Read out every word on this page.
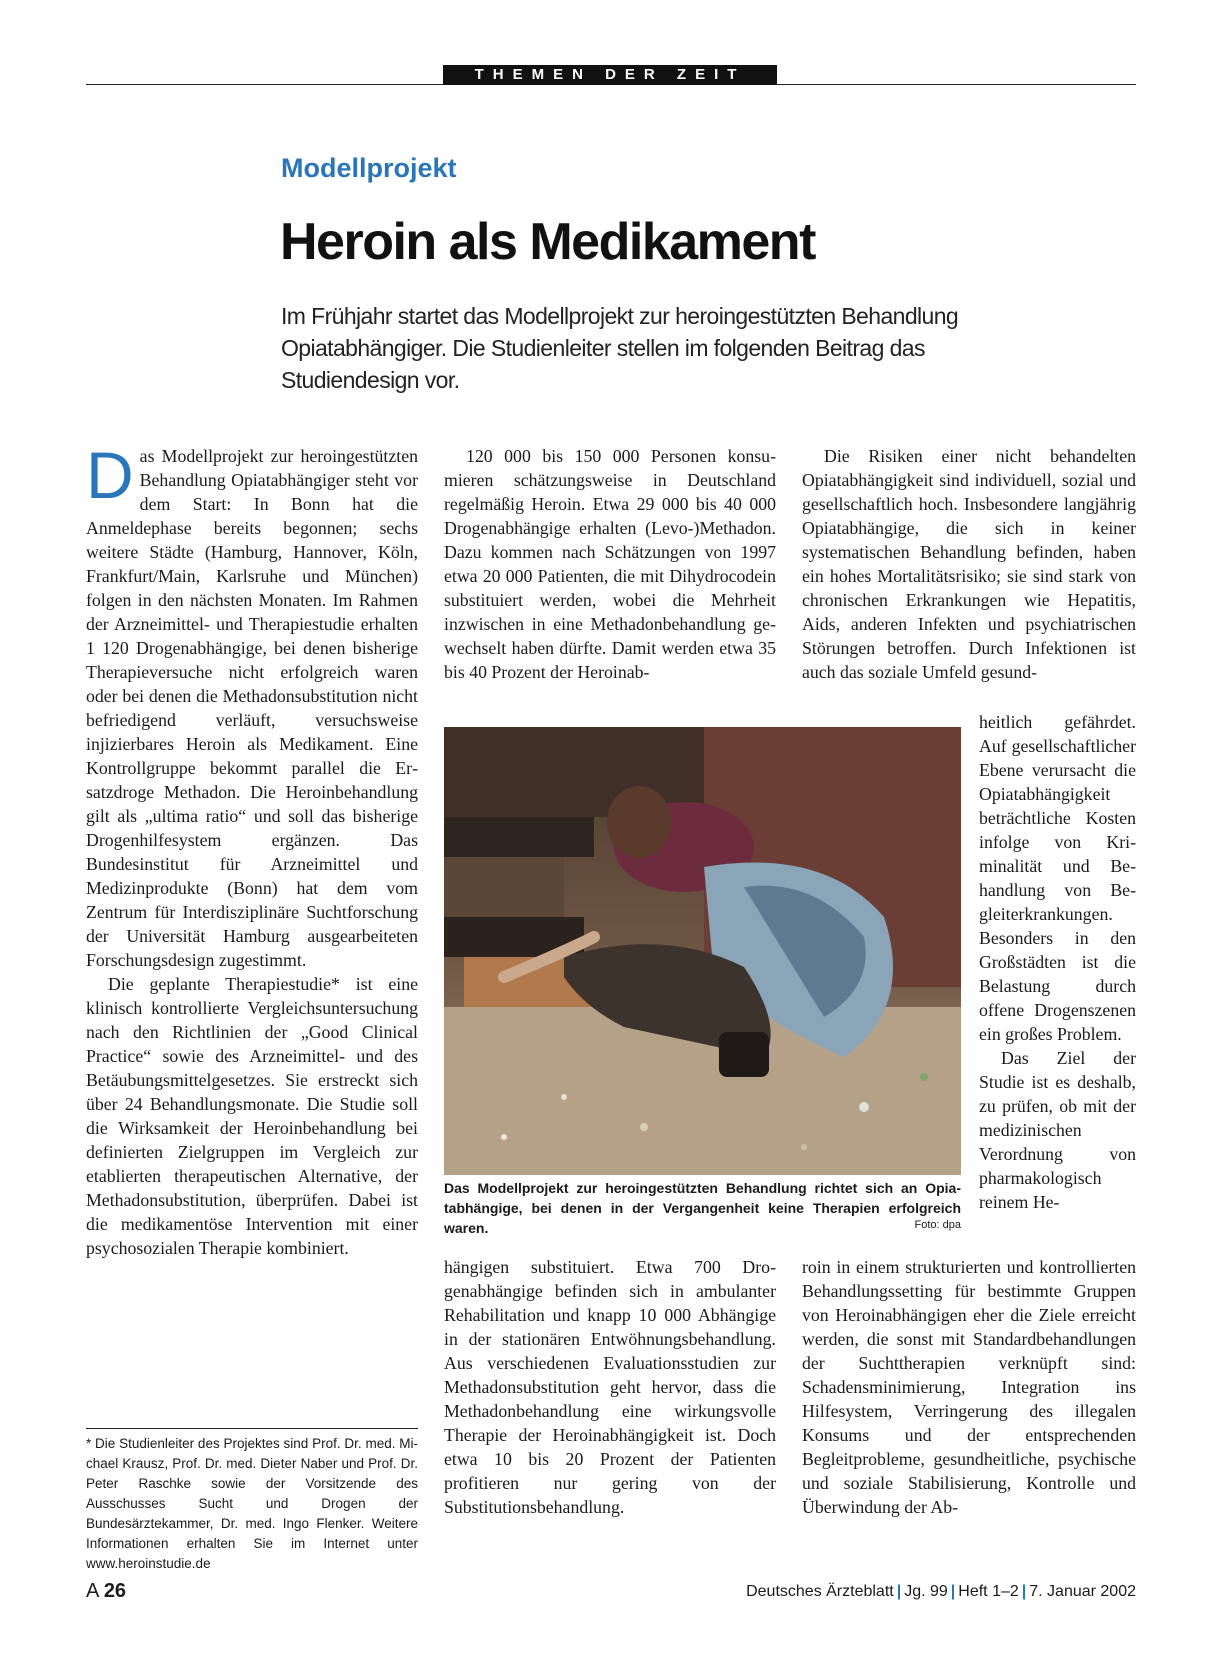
THEMEN DER ZEIT
Modellprojekt
Heroin als Medikament
Im Frühjahr startet das Modellprojekt zur heroingestützten Behandlung Opiatabhängiger. Die Studienleiter stellen im folgenden Beitrag das Studiendesign vor.

Das Modellprojekt zur heroingestützten Behandlung Opiatabhängiger steht vor dem Start: In Bonn hat die Anmeldephase bereits begonnen; sechs weitere Städte (Hamburg, Hannover, Köln, Frankfurt/Main, Karlsruhe und München) folgen in den nächsten Monaten. Im Rahmen der Arzneimittel- und Therapiestudie erhalten 1 120 Drogenabhängige, bei denen bisherige Therapieversuche nicht erfolgreich waren oder bei denen die Methadonsubstitution nicht befriedigend verläuft, versuchsweise injizierbares Heroin als Medikament. Eine Kontrollgruppe bekommt parallel die Ersatzdroge Methadon. Die Heroinbehandlung gilt als „ultima ratio“ und soll das bisherige Drogenhilfesystem ergänzen. Das Bundesinstitut für Arzneimittel und Medizinprodukte (Bonn) hat dem vom Zentrum für Interdisziplinäre Suchtforschung der Universität Hamburg ausgearbeiteten Forschungsdesign zugestimmt.

Die geplante Therapiestudie* ist eine klinisch kontrollierte Vergleichsuntersuchung nach den Richtlinien der „Good Clinical Practice“ sowie des Arzneimittel- und des Betäubungsmittelgesetzes. Sie erstreckt sich über 24 Behandlungsmonate. Die Studie soll die Wirksamkeit der Heroinbehandlung bei definierten Zielgruppen im Vergleich zur etablierten therapeutischen Alternative, der Methadonsubstitution, überprüfen. Dabei ist die medikamentöse Intervention mit einer psychosozialen Therapie kombiniert.

120 000 bis 150 000 Personen konsumieren schätzungsweise in Deutschland regelmäßig Heroin. Etwa 29 000 bis 40 000 Drogenabhängige erhalten (Levo-)Methadon. Dazu kommen nach Schätzungen von 1997 etwa 20 000 Patienten, die mit Dihydrocodein substituiert werden, wobei die Mehrheit inzwischen in eine Methadonbehandlung gewechselt haben dürfte. Damit werden etwa 35 bis 40 Prozent der Heroinab-

Die Risiken einer nicht behandelten Opiatabhängigkeit sind individuell, sozial und gesellschaftlich hoch. Insbesondere langjährig Opiatabhängige, die sich in keiner systematischen Behandlung befinden, haben ein hohes Mortalitätsrisiko; sie sind stark von chronischen Erkrankungen wie Hepatitis, Aids, anderen Infekten und psychiatrischen Störungen betroffen. Durch Infektionen ist auch das soziale Umfeld gesund-

heitlich gefährdet. Auf gesellschaftlicher Ebene verursacht die Opiatabhängigkeit beträchtliche Kosten infolge von Kriminalität und Behandlung von Begleiterkrankungen. Besonders in den Großstädten ist die Belastung durch offene Drogenszenen ein großes Problem.

Das Ziel der Studie ist es deshalb, zu prüfen, ob mit der medizinischen Verordnung von pharmakologisch reinem He-

Das Modellprojekt zur heroingestützten Behandlung richtet sich an Opiatabhängige, bei denen in der Vergangenheit keine Therapien erfolgreich waren.	Foto: dpa

hängigen substituiert. Etwa 700 Drogenabhängige befinden sich in ambulanter Rehabilitation und knapp 10 000 Abhängige in der stationären Entwöhnungsbehandlung. Aus verschiedenen Evaluationsstudien zur Methadonsubstitution geht hervor, dass die Methadonbehandlung eine wirkungsvolle Therapie der Heroinabhängigkeit ist. Doch etwa 10 bis 20 Prozent der Patienten profitieren nur gering von der Substitutionsbehandlung.

roin in einem strukturierten und kontrollierten Behandlungssetting für bestimmte Gruppen von Heroinabhängigen eher die Ziele erreicht werden, die sonst mit Standardbehandlungen der Suchttherapien verknüpft sind: Schadensminimierung, Integration ins Hilfesystem, Verringerung des illegalen Konsums und der entsprechenden Begleitprobleme, gesundheitliche, psychische und soziale Stabilisierung, Kontrolle und Überwindung der Ab-

* Die Studienleiter des Projektes sind Prof. Dr. med. Michael Krausz, Prof. Dr. med. Dieter Naber und Prof. Dr. Peter Raschke sowie der Vorsitzende des Ausschusses Sucht und Drogen der Bundesärztekammer, Dr. med. Ingo Flenker. Weitere Informationen erhalten Sie im Internet unter www.heroinstudie.de
A 26	Deutsches Ärzteblatt | Jg. 99 | Heft 1–2 | 7. Januar 2002
